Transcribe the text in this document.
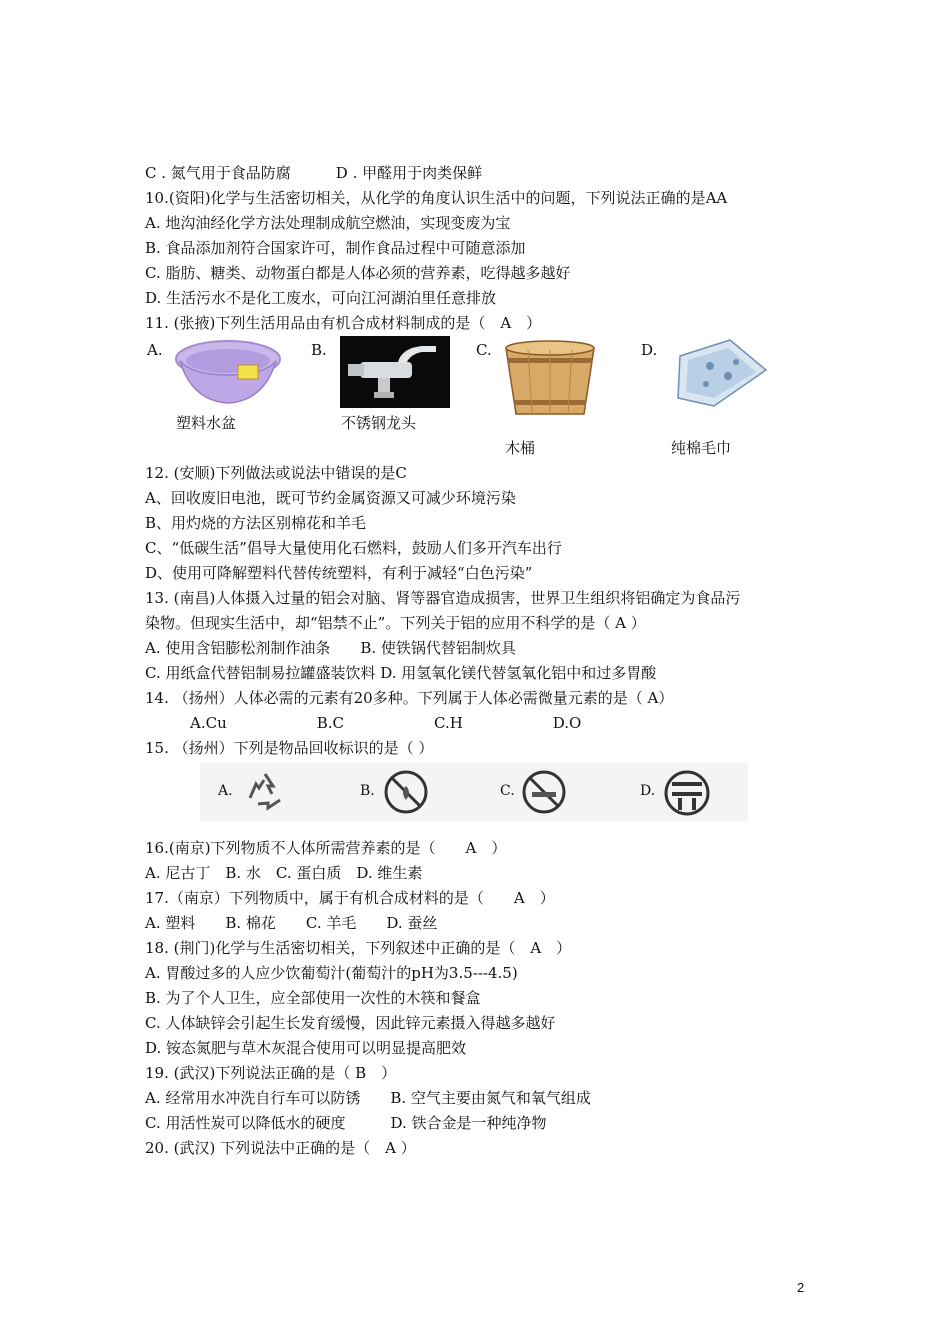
C . 氮气用于食品防腐　　　D . 甲醛用于肉类保鲜
10.(资阳)化学与生活密切相关，从化学的角度认识生活中的问题，下列说法正确的是AA
A. 地沟油经化学方法处理制成航空燃油，实现变废为宝
B. 食品添加剂符合国家许可，制作食品过程中可随意添加
C. 脂肪、糖类、动物蛋白都是人体必须的营养素，吃得越多越好
D. 生活污水不是化工废水，可向江河湖泊里任意排放
11. (张掖)下列生活用品由有机合成材料制成的是（　A　）
A.	B.	C.	D.
塑料水盆	不锈钢龙头
木桶	纯棉毛巾
12. (安顺)下列做法或说法中错误的是C
A、回收废旧电池，既可节约金属资源又可减少环境污染
B、用灼烧的方法区别棉花和羊毛
C、“低碳生活”倡导大量使用化石燃料，鼓励人们多开汽车出行
D、使用可降解塑料代替传统塑料，有利于减轻“白色污染”
13. (南昌)人体摄入过量的铝会对脑、肾等器官造成损害，世界卫生组织将铝确定为食品污
染物。但现实生活中，却“铝禁不止”。下列关于铝的应用不科学的是（ A ）
A. 使用含铝膨松剂制作油条　　B. 使铁锅代替铝制炊具
C. 用纸盒代替铝制易拉罐盛装饮料 D. 用氢氧化镁代替氢氧化铝中和过多胃酸
14. （扬州）人体必需的元素有20多种。下列属于人体必需微量元素的是（ A）
A.Cu　　　　　　B.C　　　　　　C.H　　　　　　D.O
15. （扬州）下列是物品回收标识的是（ ）
A.	B.	C.	D.
16.(南京)下列物质不人体所需营养素的是（　　A　）
A. 尼古丁　B. 水　C. 蛋白质　D. 维生素
17.（南京）下列物质中，属于有机合成材料的是（　　A　）
A. 塑料　　B. 棉花　　C. 羊毛　　D. 蚕丝
18. (荆门)化学与生活密切相关，下列叙述中正确的是（　A　）
A. 胃酸过多的人应少饮葡萄汁(葡萄汁的pH为3.5---4.5)
B. 为了个人卫生，应全部使用一次性的木筷和餐盒
C. 人体缺锌会引起生长发育缓慢，因此锌元素摄入得越多越好
D. 铵态氮肥与草木灰混合使用可以明显提高肥效
19. (武汉)下列说法正确的是（ B　）
A. 经常用水冲洗自行车可以防锈　　B. 空气主要由氮气和氧气组成
C. 用活性炭可以降低水的硬度　　　D. 铁合金是一种纯净物
20. (武汉) 下列说法中正确的是（　A ）
2
